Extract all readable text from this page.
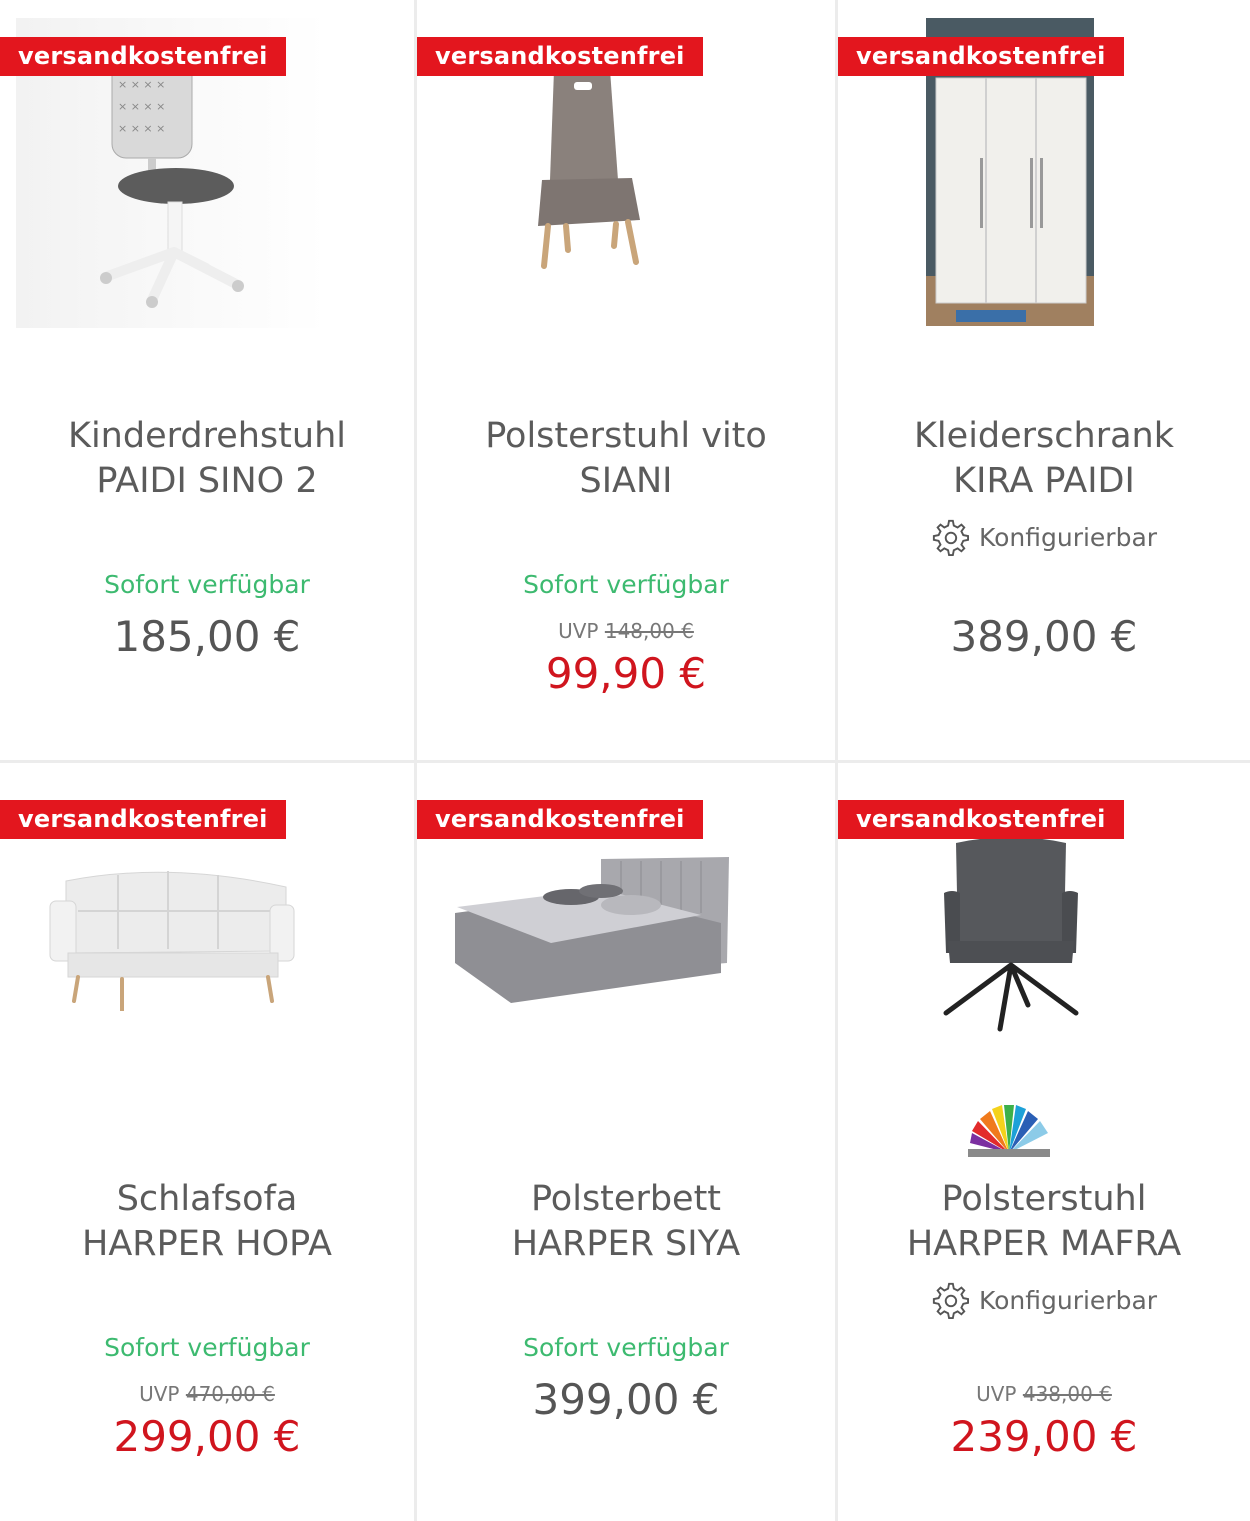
versandkostenfrei
× × × ×
× × × ×
× × × ×
Kinderdrehstuhl
PAIDI SINO 2
Sofort verfügbar
185,00 €
versandkostenfrei
Polsterstuhl vito
SIANI
Sofort verfügbar
UVP 148,00 €
99,90 €
versandkostenfrei
Kleiderschrank
KIRA PAIDI
Konfigurierbar
389,00 €
versandkostenfrei
Schlafsofa
HARPER HOPA
Sofort verfügbar
UVP 470,00 €
299,00 €
versandkostenfrei
Polsterbett
HARPER SIYA
Sofort verfügbar
399,00 €
versandkostenfrei
Polsterstuhl
HARPER MAFRA
Konfigurierbar
UVP 438,00 €
239,00 €
